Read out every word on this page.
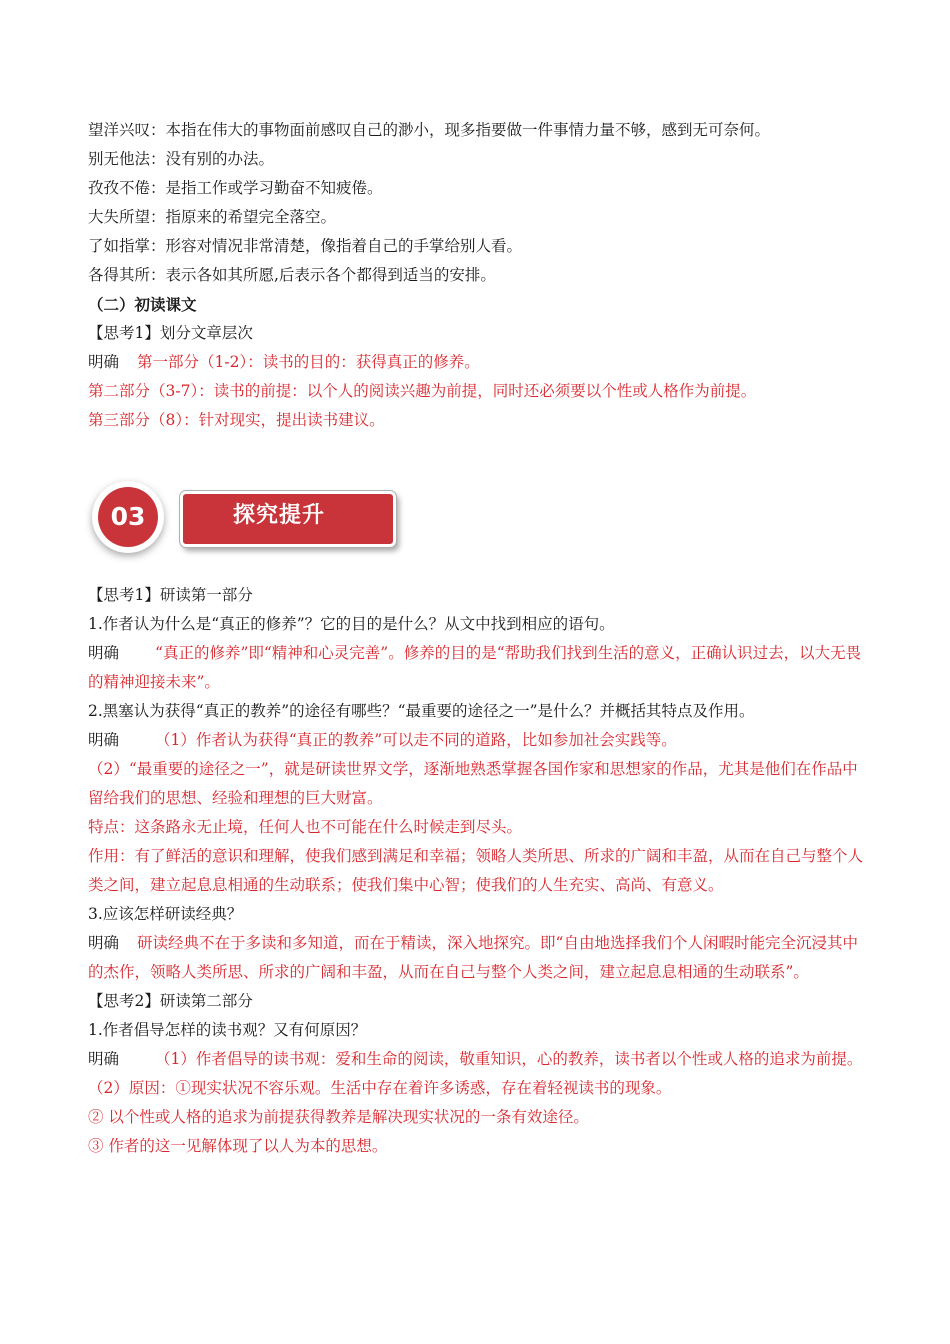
望洋兴叹：本指在伟大的事物面前感叹自己的渺小，现多指要做一件事情力量不够，感到无可奈何。
别无他法：没有别的办法。
孜孜不倦：是指工作或学习勤奋不知疲倦。
大失所望：指原来的希望完全落空。
了如指掌：形容对情况非常清楚，像指着自己的手掌给别人看。
各得其所：表示各如其所愿,后表示各个都得到适当的安排。
（二）初读课文
【思考1】划分文章层次
明确 第一部分（1-2）：读书的目的：获得真正的修养。
第二部分（3-7）：读书的前提：以个人的阅读兴趣为前提，同时还必须要以个性或人格作为前提。
第三部分（8）：针对现实，提出读书建议。
03	探究提升
【思考1】研读第一部分
1.作者认为什么是“真正的修养”？它的目的是什么？从文中找到相应的语句。
明确 “真正的修养”即“精神和心灵完善”。修养的目的是“帮助我们找到生活的意义，正确认识过去，以大无畏的精神迎接未来”。
2.黑塞认为获得“真正的教养”的途径有哪些？“最重要的途径之一”是什么？并概括其特点及作用。
明确 （1）作者认为获得“真正的教养”可以走不同的道路，比如参加社会实践等。
（2）“最重要的途径之一”，就是研读世界文学，逐渐地熟悉掌握各国作家和思想家的作品，尤其是他们在作品中留给我们的思想、经验和理想的巨大财富。
特点：这条路永无止境，任何人也不可能在什么时候走到尽头。
作用：有了鲜活的意识和理解，使我们感到满足和幸福；领略人类所思、所求的广阔和丰盈，从而在自己与整个人类之间，建立起息息相通的生动联系；使我们集中心智；使我们的人生充实、高尚、有意义。
3.应该怎样研读经典？
明确 研读经典不在于多读和多知道，而在于精读，深入地探究。即“自由地选择我们个人闲暇时能完全沉浸其中的杰作，领略人类所思、所求的广阔和丰盈，从而在自己与整个人类之间，建立起息息相通的生动联系”。
【思考2】研读第二部分
1.作者倡导怎样的读书观？又有何原因？
明确 （1）作者倡导的读书观：爱和生命的阅读，敬重知识，心的教养，读书者以个性或人格的追求为前提。
（2）原因：①现实状况不容乐观。生活中存在着许多诱惑，存在着轻视读书的现象。
② 以个性或人格的追求为前提获得教养是解决现实状况的一条有效途径。
③ 作者的这一见解体现了以人为本的思想。
